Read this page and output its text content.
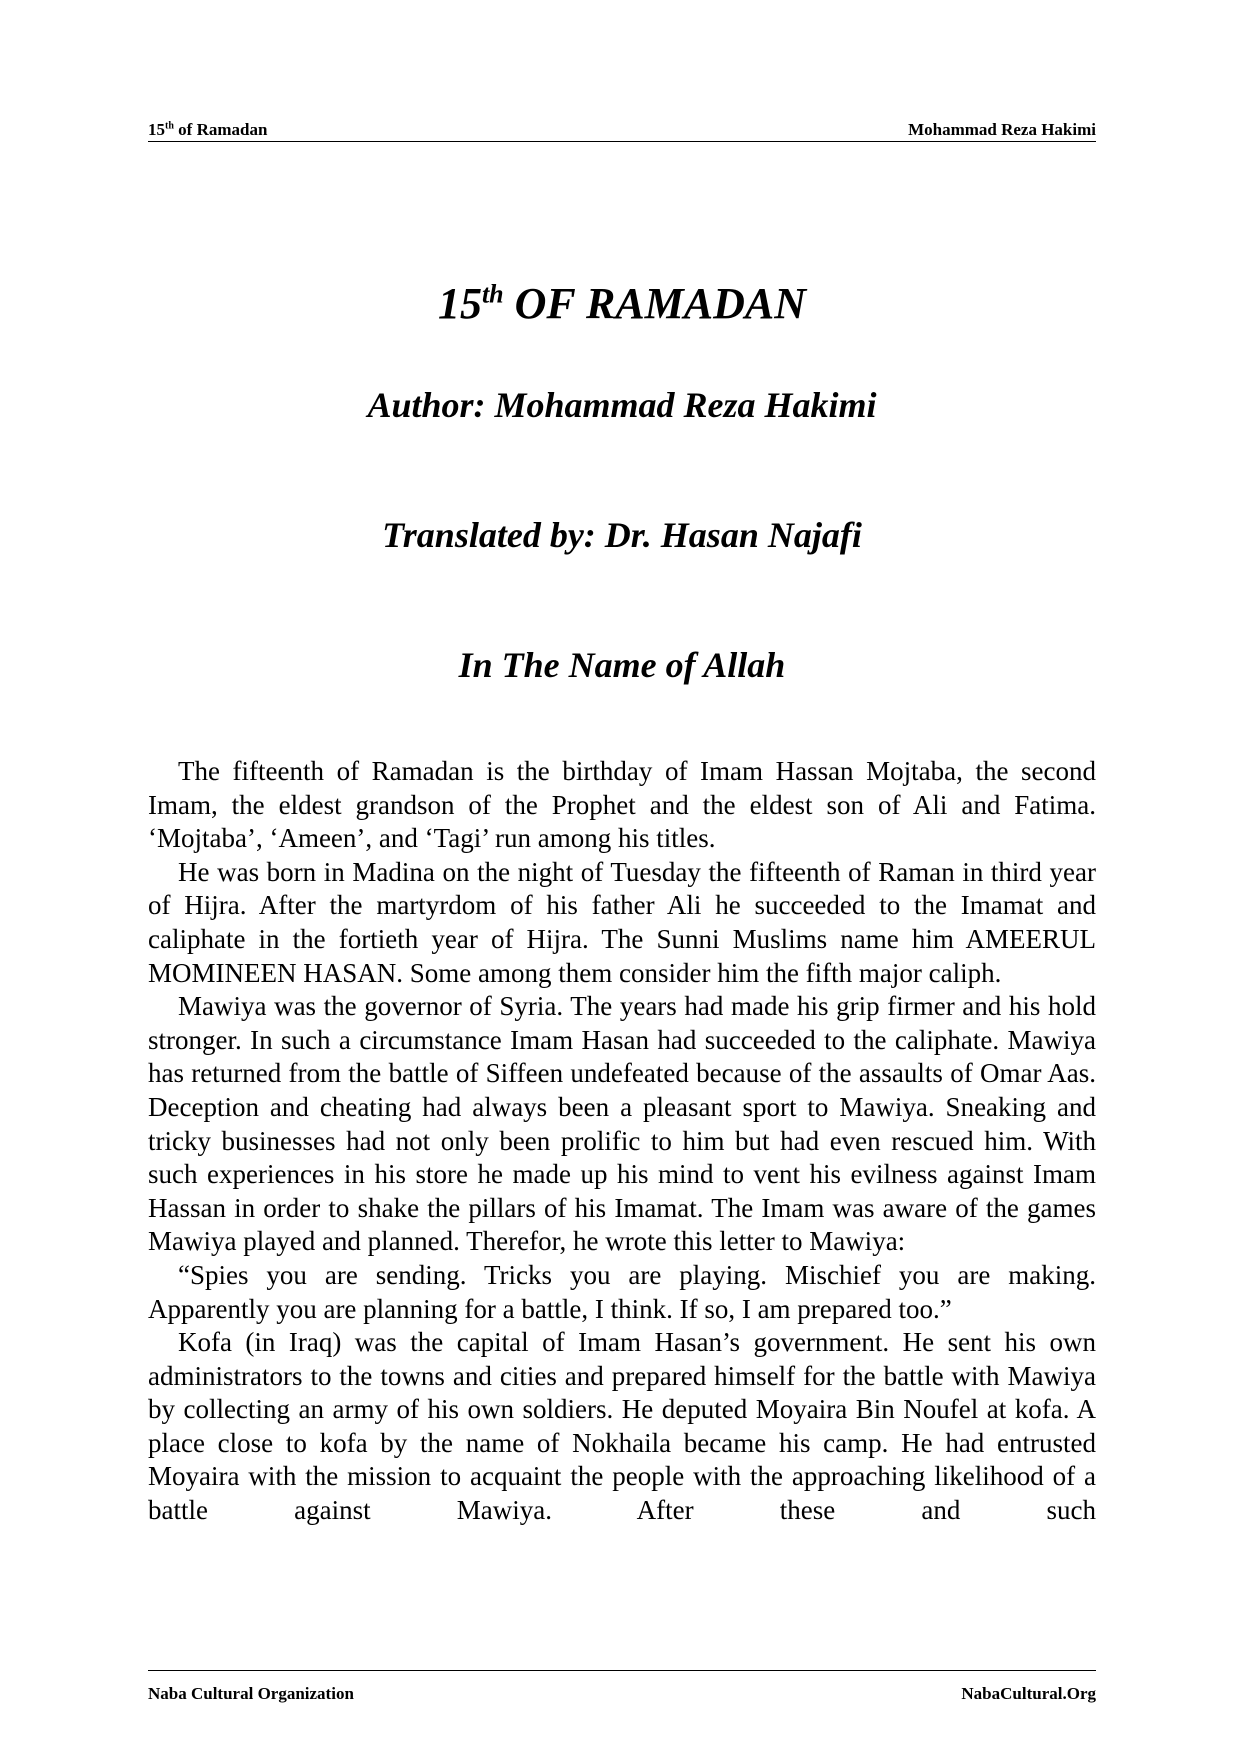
15th of Ramadan	Mohammad Reza Hakimi
15th OF RAMADAN
Author: Mohammad Reza Hakimi
Translated by: Dr. Hasan Najafi
In The Name of Allah

The fifteenth of Ramadan is the birthday of Imam Hassan Mojtaba, the second Imam, the eldest grandson of the Prophet and the eldest son of Ali and Fatima. ‘Mojtaba’, ‘Ameen’, and ‘Tagi’ run among his titles.

He was born in Madina on the night of Tuesday the fifteenth of Raman in third year of Hijra. After the martyrdom of his father Ali he succeeded to the Imamat and caliphate in the fortieth year of Hijra. The Sunni Muslims name him AMEERUL MOMINEEN HASAN. Some among them consider him the fifth major caliph.

Mawiya was the governor of Syria. The years had made his grip firmer and his hold stronger. In such a circumstance Imam Hasan had succeeded to the caliphate. Mawiya has returned from the battle of Siffeen undefeated because of the assaults of Omar Aas. Deception and cheating had always been a pleasant sport to Mawiya. Sneaking and tricky businesses had not only been prolific to him but had even rescued him. With such experiences in his store he made up his mind to vent his evilness against Imam Hassan in order to shake the pillars of his Imamat. The Imam was aware of the games Mawiya played and planned. Therefor, he wrote this letter to Mawiya:

“Spies you are sending. Tricks you are playing. Mischief you are making. Apparently you are planning for a battle, I think. If so, I am prepared too.”

Kofa (in Iraq) was the capital of Imam Hasan’s government. He sent his own administrators to the towns and cities and prepared himself for the battle with Mawiya by collecting an army of his own soldiers. He deputed Moyaira Bin Noufel at kofa. A place close to kofa by the name of Nokhaila became his camp. He had entrusted Moyaira with the mission to acquaint the people with the approaching likelihood of a battle against Mawiya. After these and such

Naba Cultural Organization	NabaCultural.Org
